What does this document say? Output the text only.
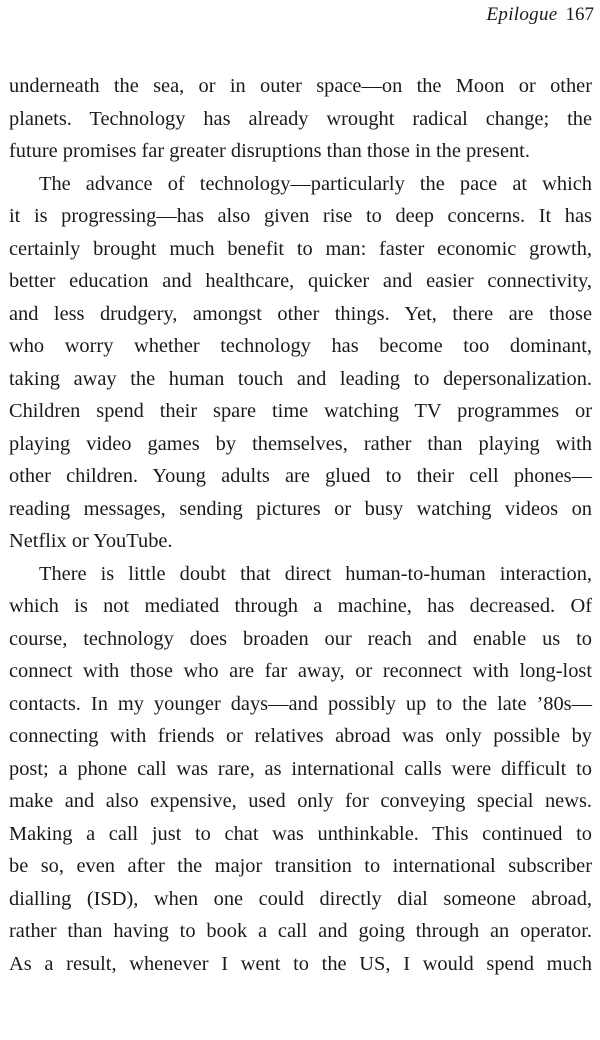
Epilogue 167
underneath the sea, or in outer space—on the Moon or other
planets. Technology has already wrought radical change; the
future promises far greater disruptions than those in the present.
The advance of technology—particularly the pace at which
it is progressing—has also given rise to deep concerns. It has
certainly brought much benefit to man: faster economic growth,
better education and healthcare, quicker and easier connectivity,
and less drudgery, amongst other things. Yet, there are those
who worry whether technology has become too dominant,
taking away the human touch and leading to depersonalization.
Children spend their spare time watching TV programmes or
playing video games by themselves, rather than playing with
other children. Young adults are glued to their cell phones—
reading messages, sending pictures or busy watching videos on
Netflix or YouTube.
There is little doubt that direct human-to-human interaction,
which is not mediated through a machine, has decreased. Of
course, technology does broaden our reach and enable us to
connect with those who are far away, or reconnect with long-lost
contacts. In my younger days—and possibly up to the late ’80s—
connecting with friends or relatives abroad was only possible by
post; a phone call was rare, as international calls were difficult to
make and also expensive, used only for conveying special news.
Making a call just to chat was unthinkable. This continued to
be so, even after the major transition to international subscriber
dialling (ISD), when one could directly dial someone abroad,
rather than having to book a call and going through an operator.
As a result, whenever I went to the US, I would spend much
